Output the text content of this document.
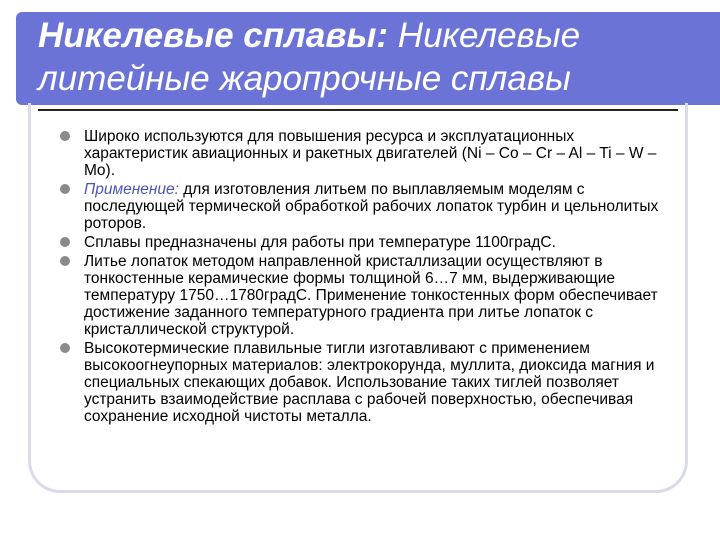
Никелевые сплавы: Никелевые литейные жаропрочные сплавы
Широко используются для повышения ресурса и эксплуатационных характеристик авиационных и ракетных двигателей (Ni – Co – Cr – Al – Ti – W – Mo).
Применение: для изготовления литьем по выплавляемым моделям с последующей термической обработкой рабочих лопаток турбин и цельнолитых роторов.
Сплавы предназначены для работы при температуре 1100градС.
Литье лопаток методом направленной кристаллизации осуществляют в тонкостенные керамические формы толщиной 6…7 мм, выдерживающие температуру 1750…1780градС. Применение тонкостенных форм обеспечивает достижение заданного температурного градиента при литье лопаток с кристаллической структурой.
Высокотермические плавильные тигли изготавливают с применением высокоогнеупорных материалов: электрокорунда, муллита, диоксида магния и специальных спекающих добавок. Использование таких тиглей позволяет устранить взаимодействие расплава с рабочей поверхностью, обеспечивая сохранение исходной чистоты металла.
